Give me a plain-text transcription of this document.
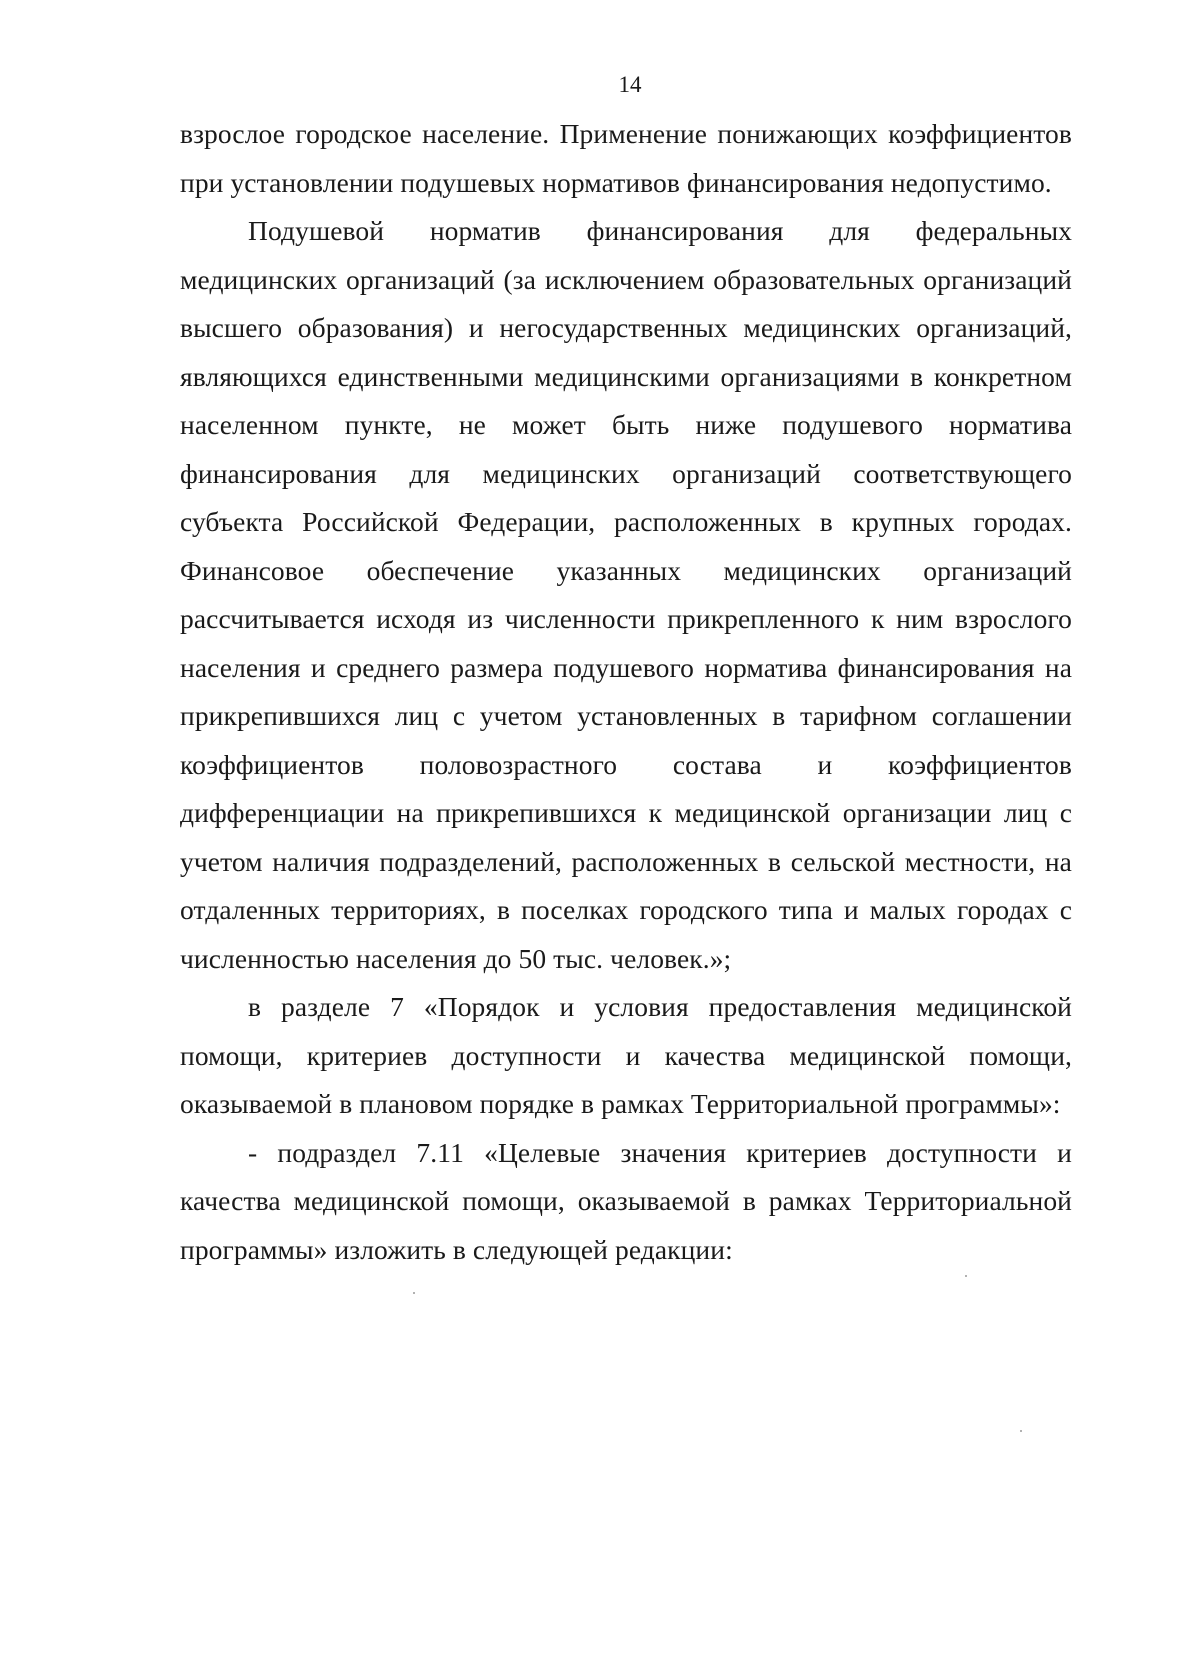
14

взрослое городское население. Применение понижающих коэффициентов при установлении подушевых нормативов финансирования недопустимо.

Подушевой норматив финансирования для федеральных медицинских организаций (за исключением образовательных организаций высшего образования) и негосударственных медицинских организаций, являющихся единственными медицинскими организациями в конкретном населенном пункте, не может быть ниже подушевого норматива финансирования для медицинских организаций соответствующего субъекта Российской Федерации, расположенных в крупных городах. Финансовое обеспечение указанных медицинских организаций рассчитывается исходя из численности прикрепленного к ним взрослого населения и среднего размера подушевого норматива финансирования на прикрепившихся лиц с учетом установленных в тарифном соглашении коэффициентов половозрастного состава и коэффициентов дифференциации на прикрепившихся к медицинской организации лиц с учетом наличия подразделений, расположенных в сельской местности, на отдаленных территориях, в поселках городского типа и малых городах с численностью населения до 50 тыс. человек.»;

в разделе 7 «Порядок и условия предоставления медицинской помощи, критериев доступности и качества медицинской помощи, оказываемой в плановом порядке в рамках Территориальной программы»:

- подраздел 7.11 «Целевые значения критериев доступности и качества медицинской помощи, оказываемой в рамках Территориальной программы» изложить в следующей редакции:
